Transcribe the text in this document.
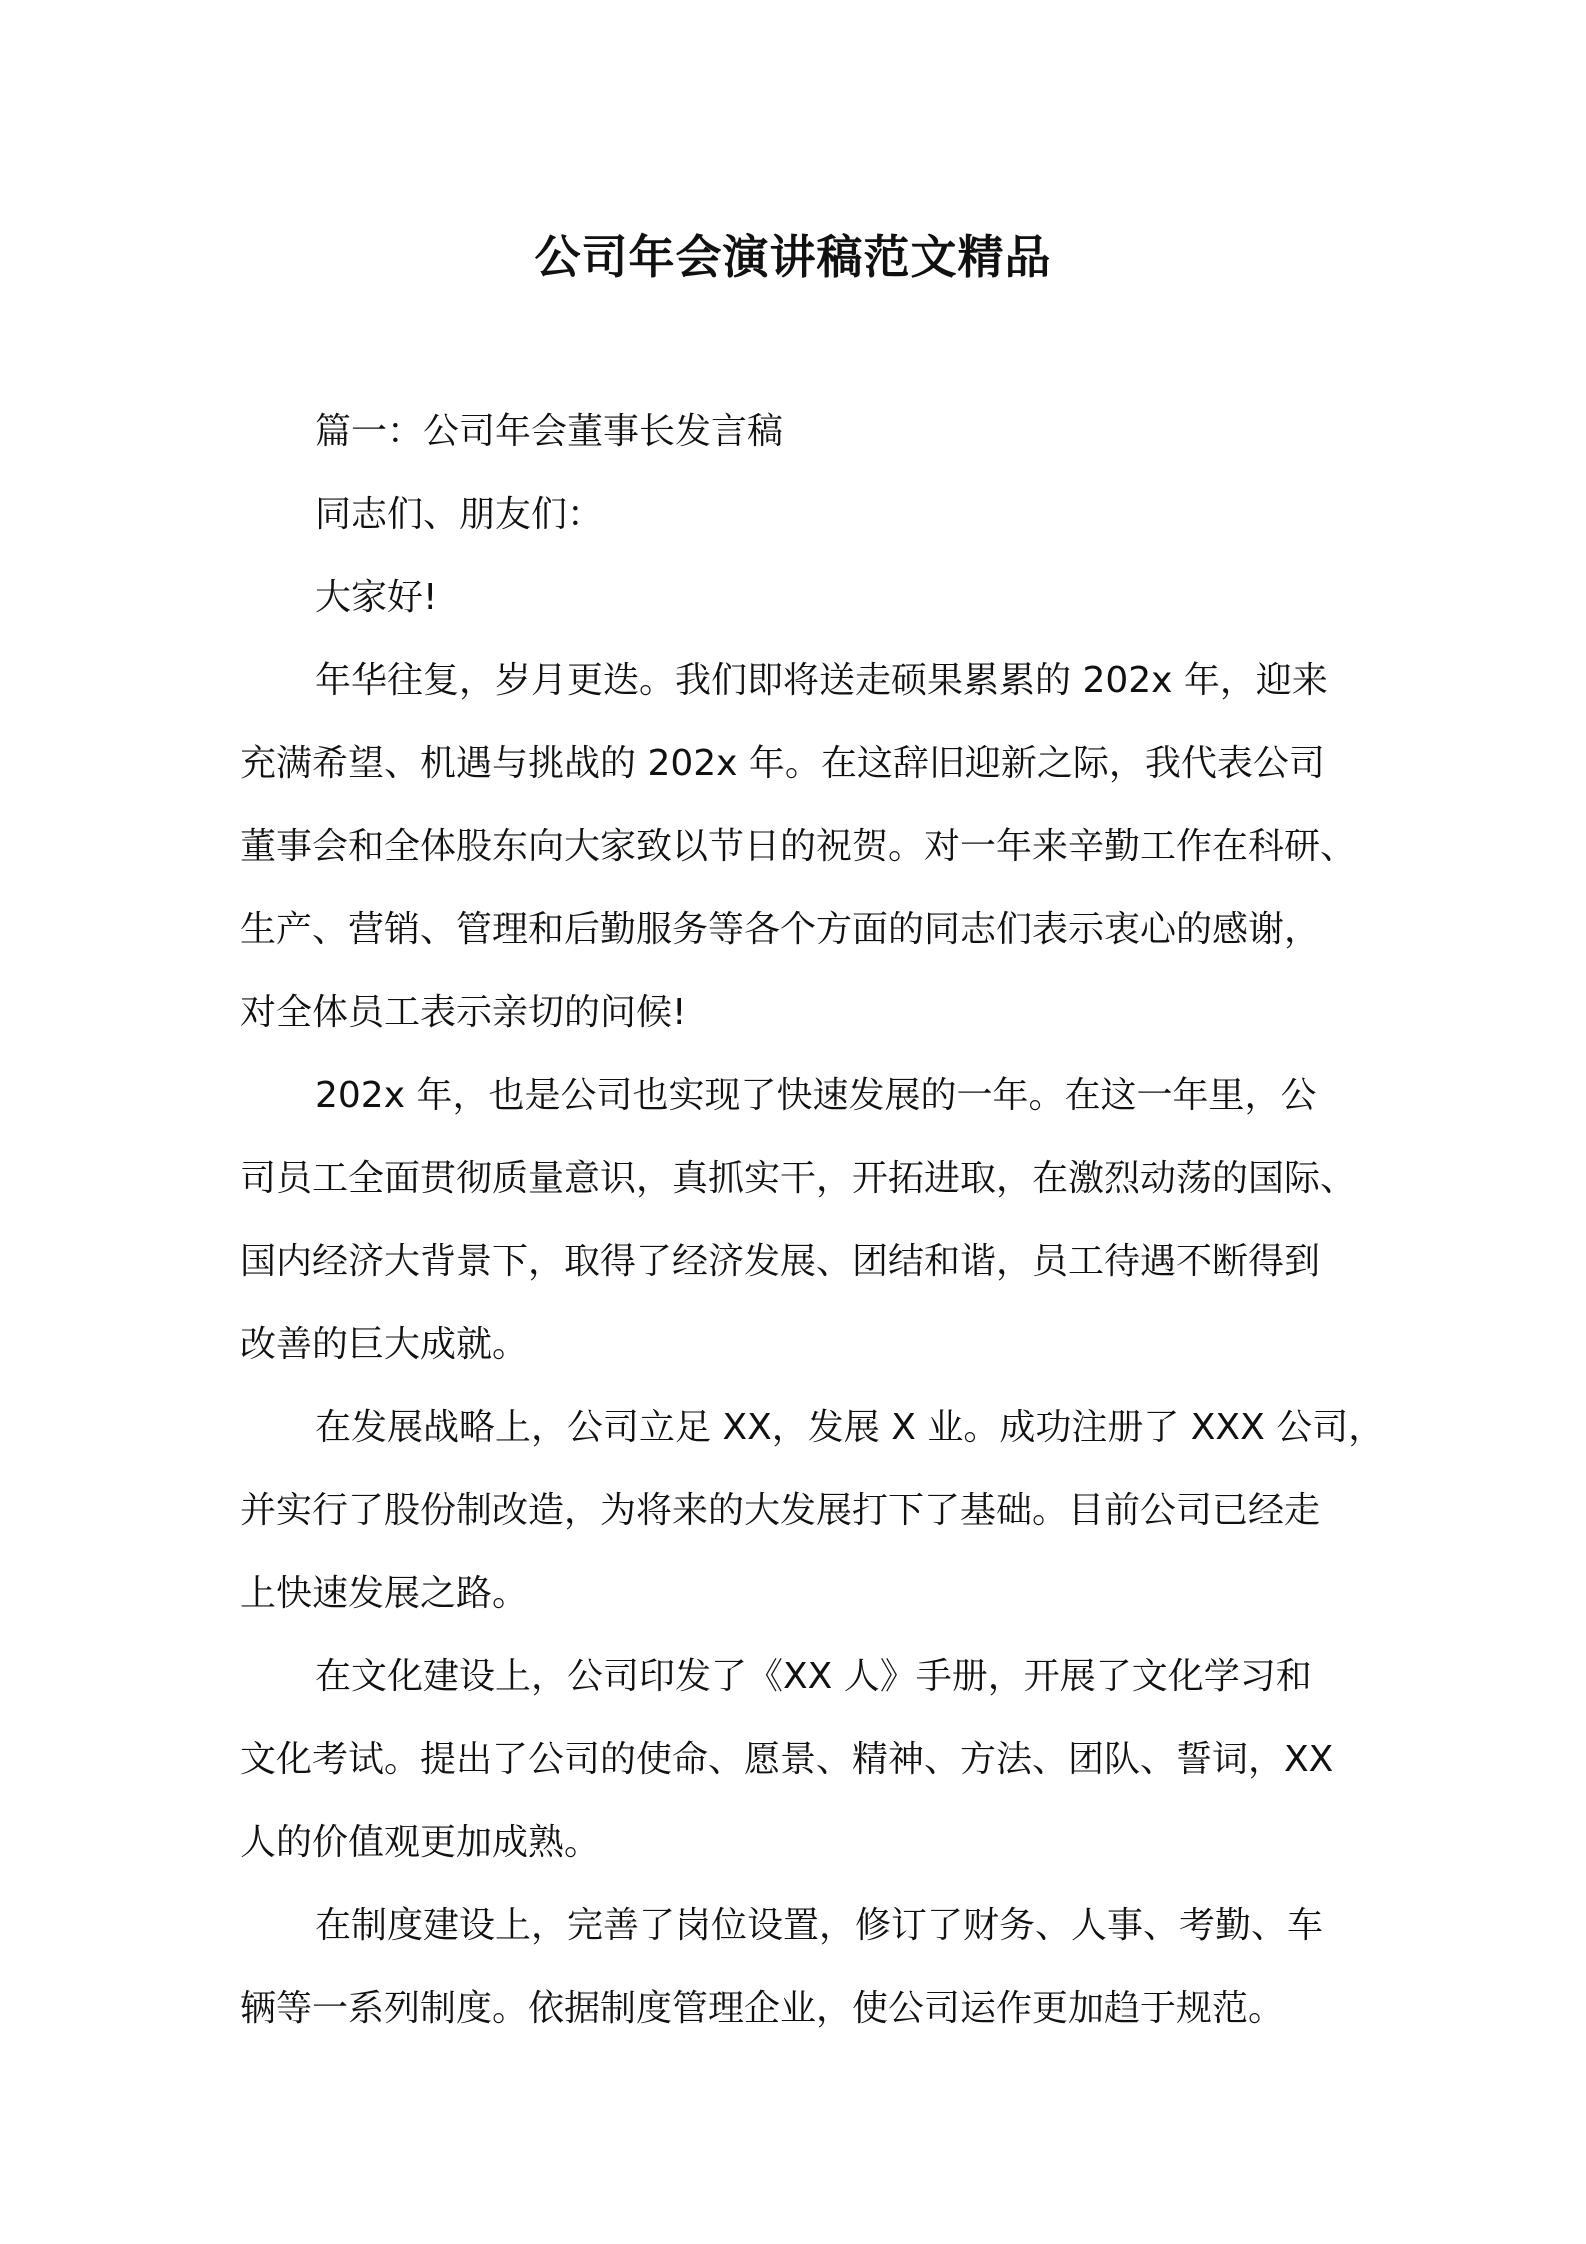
公司年会演讲稿范文精品
篇一：公司年会董事长发言稿
同志们、朋友们：
大家好!
年华往复，岁月更迭。我们即将送走硕果累累的 202x 年，迎来
充满希望、机遇与挑战的 202x 年。在这辞旧迎新之际，我代表公司
董事会和全体股东向大家致以节日的祝贺。对一年来辛勤工作在科研、
生产、营销、管理和后勤服务等各个方面的同志们表示衷心的感谢，
对全体员工表示亲切的问候!
202x 年，也是公司也实现了快速发展的一年。在这一年里，公
司员工全面贯彻质量意识，真抓实干，开拓进取，在激烈动荡的国际、
国内经济大背景下，取得了经济发展、团结和谐，员工待遇不断得到
改善的巨大成就。
在发展战略上，公司立足 XX，发展 X 业。成功注册了 XXX 公司，
并实行了股份制改造，为将来的大发展打下了基础。目前公司已经走
上快速发展之路。
在文化建设上，公司印发了《XX 人》手册，开展了文化学习和
文化考试。提出了公司的使命、愿景、精神、方法、团队、誓词，XX
人的价值观更加成熟。
在制度建设上，完善了岗位设置，修订了财务、人事、考勤、车
辆等一系列制度。依据制度管理企业，使公司运作更加趋于规范。
